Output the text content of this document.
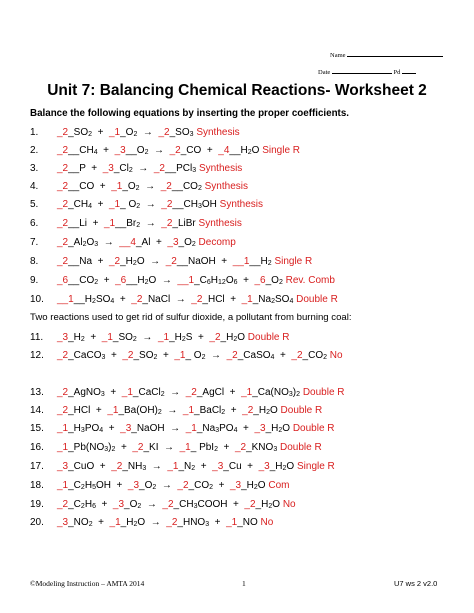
Name
Date	Pd
Unit 7: Balancing Chemical Reactions- Worksheet 2
Balance the following equations by inserting the proper coefficients.
Two reactions used to get rid of sulfur dioxide, a pollutant from burning coal:
1. $\_2\_SO_2$  +  $\_1\_O_2$  →  $\_2\_SO_3$ Synthesis
2. $\_2\_\_CH_4$  +  $\_3\_\_O_2$  →  _2_CO  +  $\_4\_\_H_2O$ Single R
3. _2__P  +  $\_3\_Cl_2$  →  _2__PCl$_3$ Synthesis
4. _2__CO  +  $\_1\_O_2$  →  $\_2\_\_CO_2$ Synthesis
5. $\_2\_CH_4$  +  _1_ $O_2$  →  $\_2\_\_CH_3OH$ Synthesis
6. _2__Li  +  $\_1\_\_Br_2$  →  _2_LiBr Synthesis
7. $\_2\_Al_2O_3$  →  __4_Al  +  $\_3\_O_2$ Decomp
8. _2__Na  +  $\_2\_H_2O$  →  _2__NaOH  +  $\_\_1\_\_H_2$ Single R
9. $\_6\_\_CO_2$  +  $\_6\_\_H_2O$  →  $\_\_1\_C_6H_{12}O_6$  +  $\_6\_O_2$ Rev. Comb
10. $\_\_1\_\_H_2SO_4$  +  _2_NaCl  →  _2_HCl  +  $\_1\_Na_2SO_4$ Double R
11. $\_3\_H_2$  +  $\_1\_SO_2$  →  $\_1\_H_2S$  +  $\_2\_H_2O$ Double R
12. _2_CaCO$_3$  +  $\_2\_SO_2$  +  _1_ $O_2$  →  _2_CaSO$_4$  +  $\_2\_CO_2$ No
13. _2_AgNO$_3$  +  _1_CaCl$_2$  →  _2_AgCl  +  $\_1\_Ca(NO_3)_2$ Double R
14. _2_HCl  +  $\_1\_Ba(OH)_2$  →  _1_BaCl$_2$  +  $\_2\_H_2O$ Double R
15. $\_1\_H_3PO_4$  +  _3_NaOH  →  $\_1\_Na_3PO_4$  +  $\_3\_H_2O$ Double R
16. $\_1\_Pb(NO_3)_2$  +  _2_KI  →  _1_ $PbI_2 + \_2\_KNO_3$ Double R
17. _3_CuO  +  $\_2\_NH_3$  →  $\_1\_N_2$  +  _3_Cu  +  $\_3\_H_2O$ Single R
18. $\_1\_C_2H_5OH$  +  $\_3\_O_2$  →  $\_2\_CO_2$  +  $\_3\_H_2O$ Com
19. $\_2\_C_2H_6$  +  $\_3\_O_2$  →  $\_2\_CH_3COOH$  +  $\_2\_H_2O$ No
20. $\_3\_NO_2$  +  $\_1\_H_2O$  →  $\_2\_HNO_3$  +  _1_NO No
©Modeling Instruction – AMTA 2014	1	U7 ws 2 v2.0
